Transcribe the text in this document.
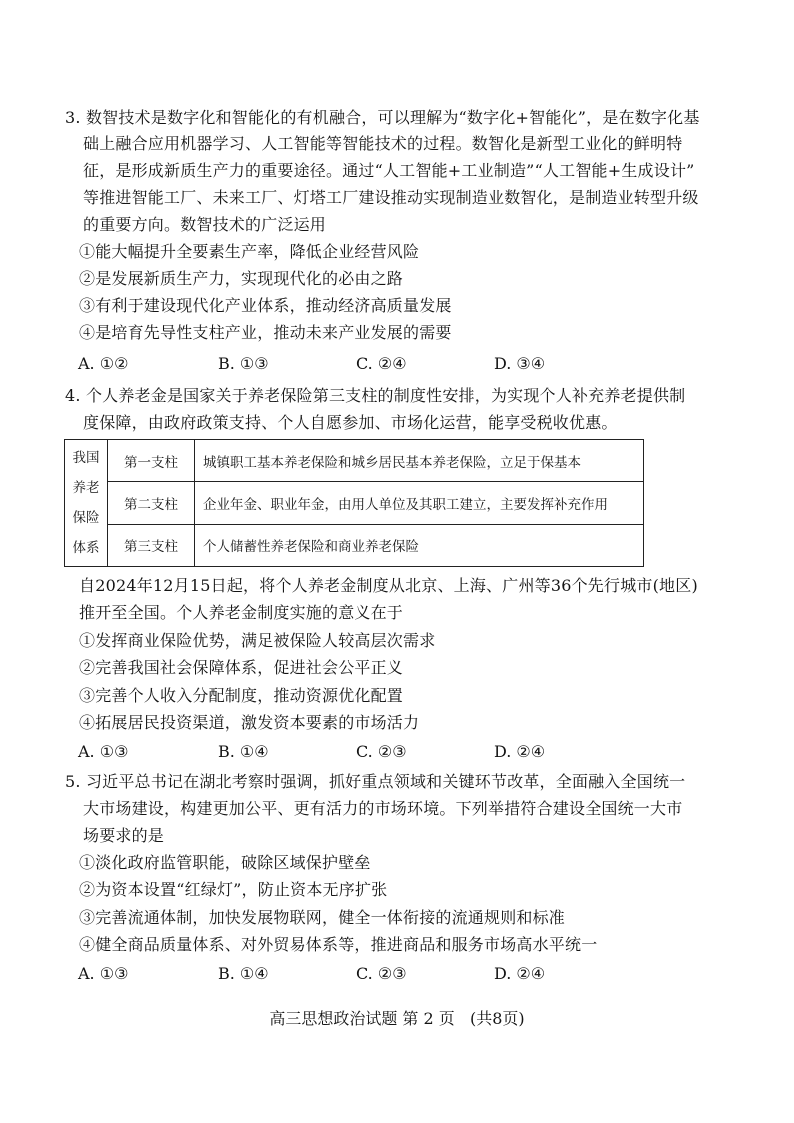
3. 数智技术是数字化和智能化的有机融合，可以理解为“数字化+智能化”，是在数字化基
础上融合应用机器学习、人工智能等智能技术的过程。数智化是新型工业化的鲜明特
征，是形成新质生产力的重要途径。通过“人工智能+工业制造”“人工智能+生成设计”
等推进智能工厂、未来工厂、灯塔工厂建设推动实现制造业数智化，是制造业转型升级
的重要方向。数智技术的广泛运用
①能大幅提升全要素生产率，降低企业经营风险
②是发展新质生产力，实现现代化的必由之路
③有利于建设现代化产业体系，推动经济高质量发展
④是培育先导性支柱产业，推动未来产业发展的需要
A. ①②	B. ①③	C. ②④	D. ③④
4. 个人养老金是国家关于养老保险第三支柱的制度性安排，为实现个人补充养老提供制
度保障，由政府政策支持、个人自愿参加、市场化运营，能享受税收优惠。
我国
养老
保险
体系	第一支柱	城镇职工基本养老保险和城乡居民基本养老保险，立足于保基本
	第二支柱	企业年金、职业年金，由用人单位及其职工建立，主要发挥补充作用
	第三支柱	个人储蓄性养老保险和商业养老保险
自2024年12月15日起，将个人养老金制度从北京、上海、广州等36个先行城市(地区)
推开至全国。个人养老金制度实施的意义在于
①发挥商业保险优势，满足被保险人较高层次需求
②完善我国社会保障体系，促进社会公平正义
③完善个人收入分配制度，推动资源优化配置
④拓展居民投资渠道，激发资本要素的市场活力
A. ①③	B. ①④	C. ②③	D. ②④
5. 习近平总书记在湖北考察时强调，抓好重点领域和关键环节改革，全面融入全国统一
大市场建设，构建更加公平、更有活力的市场环境。下列举措符合建设全国统一大市
场要求的是
①淡化政府监管职能，破除区域保护壁垒
②为资本设置“红绿灯”，防止资本无序扩张
③完善流通体制，加快发展物联网，健全一体衔接的流通规则和标准
④健全商品质量体系、对外贸易体系等，推进商品和服务市场高水平统一
A. ①③	B. ①④	C. ②③	D. ②④
高三思想政治试题 第 2 页   (共8页)
